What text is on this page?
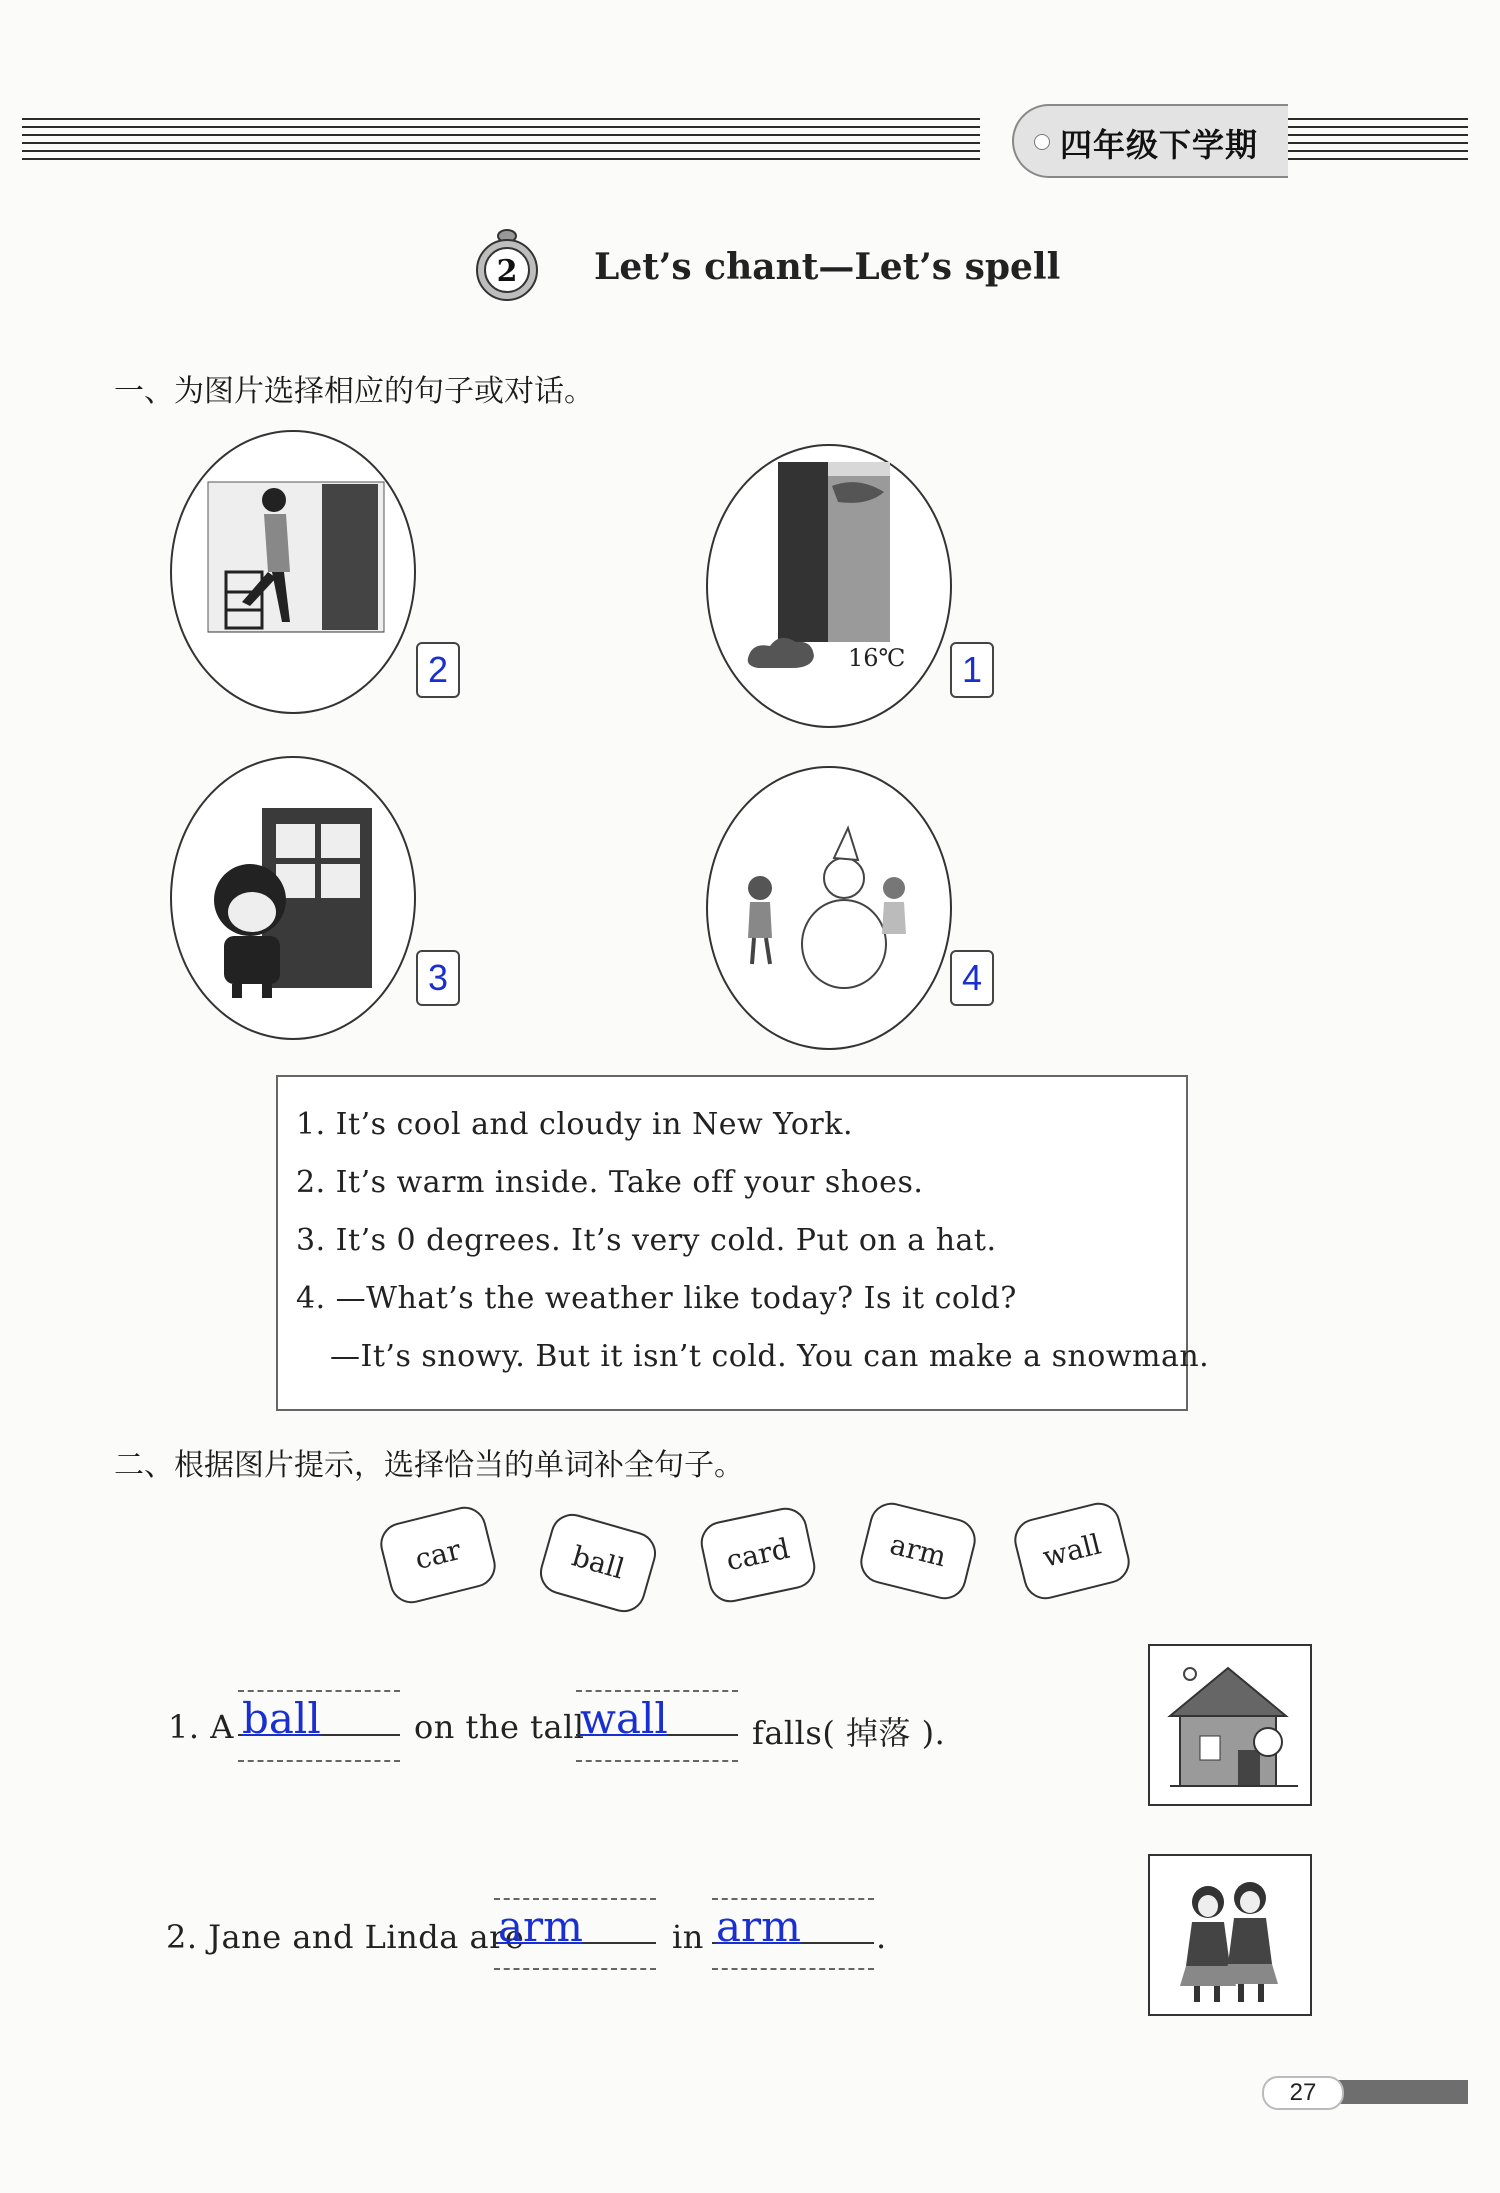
四年级下学期
2 Let’s chant—Let’s spell
一、为图片选择相应的句子或对话。
2	16℃	1
3	4
1. It’s cool and cloudy in New York.
2. It’s warm inside. Take off your shoes.
3. It’s 0 degrees. It’s very cold. Put on a hat.
4. —What’s the weather like today? Is it cold?
—It’s snowy. But it isn’t cold. You can make a snowman.
二、根据图片提示，选择恰当的单词补全句子。
car	ball	card	arm	wall
1. A ball	on the tall
wall	falls( 掉落 ).
2. Jane and Linda are
arm	in arm .
27
